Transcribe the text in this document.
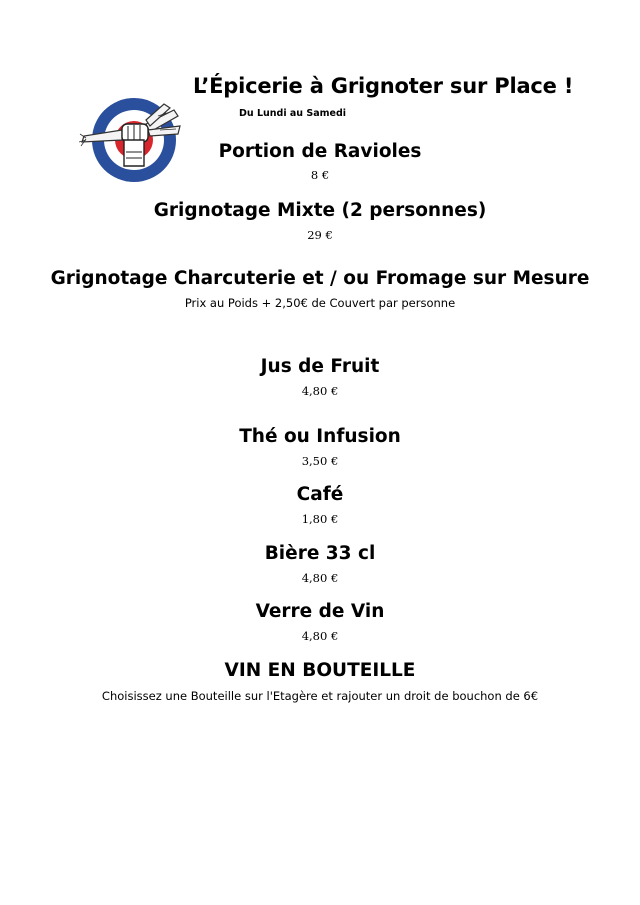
L’Épicerie à Grignoter sur Place !
Du Lundi au Samedi
Portion de Ravioles
8 €
Grignotage Mixte (2 personnes)
29 €
Grignotage Charcuterie et / ou Fromage sur Mesure
Prix au Poids + 2,50€ de Couvert par personne
Jus de Fruit
4,80 €
Thé ou Infusion
3,50 €
Café
1,80 €
Bière 33 cl
4,80 €
Verre de Vin
4,80 €
VIN EN BOUTEILLE
Choisissez une Bouteille sur l'Etagère et rajouter un droit de bouchon de 6€
